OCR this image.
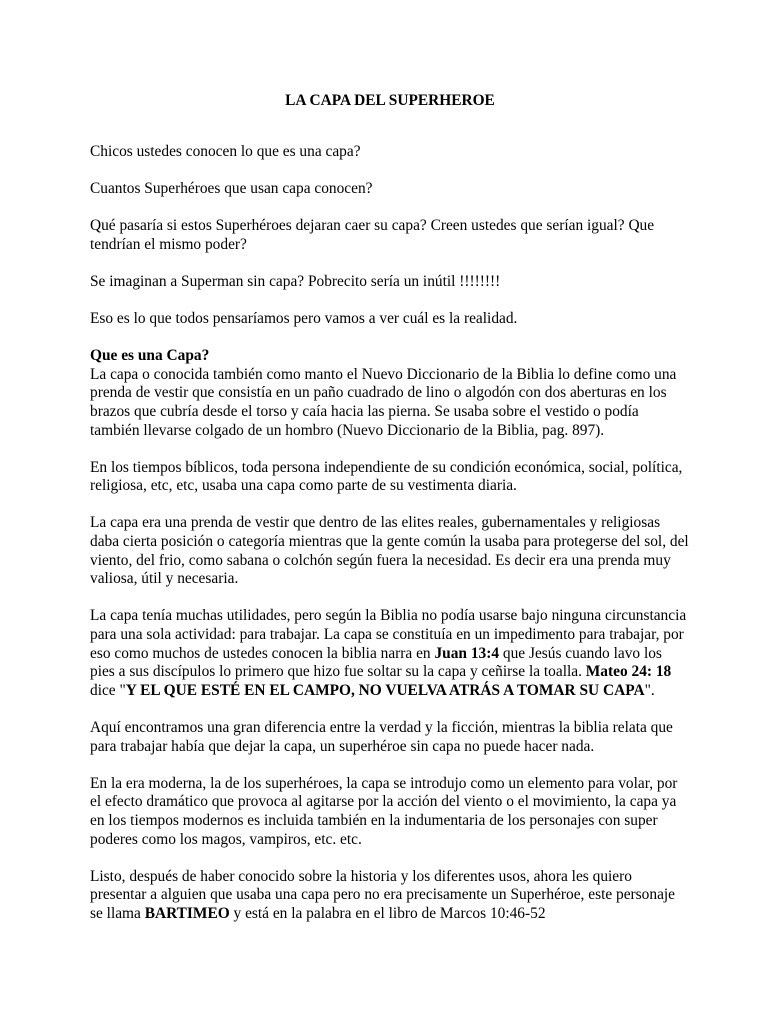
LA CAPA DEL SUPERHEROE

Chicos ustedes conocen lo que es una capa?

Cuantos Superhéroes que usan capa conocen?

Qué pasaría si estos Superhéroes dejaran caer su capa? Creen ustedes que serían igual? Que tendrían el mismo poder?

Se imaginan a Superman sin capa? Pobrecito sería un inútil !!!!!!!!

Eso es lo que todos pensaríamos pero vamos a ver cuál es la realidad.

Que es una Capa?
La capa o conocida también como manto el Nuevo Diccionario de la Biblia lo define como una prenda de vestir que consistía en un paño cuadrado de lino o algodón con dos aberturas en los brazos que cubría desde el torso y caía hacia las pierna. Se usaba sobre el vestido o podía también llevarse colgado de un hombro (Nuevo Diccionario de la Biblia, pag. 897).

En los tiempos bíblicos, toda persona independiente de su condición económica, social, política, religiosa, etc, etc, usaba una capa como parte de su vestimenta diaria.

La capa era una prenda de vestir que dentro de las elites reales, gubernamentales y religiosas daba cierta posición o categoría mientras que la gente común la usaba para protegerse del sol, del viento, del frio, como sabana o colchón según fuera la necesidad. Es decir era una prenda muy valiosa, útil y necesaria.

La capa tenía muchas utilidades, pero según la Biblia no podía usarse bajo ninguna circunstancia para una sola actividad: para trabajar. La capa se constituía en un impedimento para trabajar, por eso como muchos de ustedes conocen la biblia narra en Juan 13:4 que Jesús cuando lavo los pies a sus discípulos lo primero que hizo fue soltar su la capa y ceñirse la toalla. Mateo 24: 18 dice "Y EL QUE ESTÉ EN EL CAMPO, NO VUELVA ATRÁS A TOMAR SU CAPA".

Aquí encontramos una gran diferencia entre la verdad y la ficción, mientras la biblia relata que para trabajar había que dejar la capa, un superhéroe sin capa no puede hacer nada.

En la era moderna, la de los superhéroes, la capa se introdujo como un elemento para volar, por el efecto dramático que provoca al agitarse por la acción del viento o el movimiento, la capa ya en los tiempos modernos es incluida también en la indumentaria de los personajes con super poderes como los magos, vampiros, etc. etc.

Listo, después de haber conocido sobre la historia y los diferentes usos, ahora les quiero presentar a alguien que usaba una capa pero no era precisamente un Superhéroe, este personaje se llama BARTIMEO y está en la palabra en el libro de Marcos 10:46-52
